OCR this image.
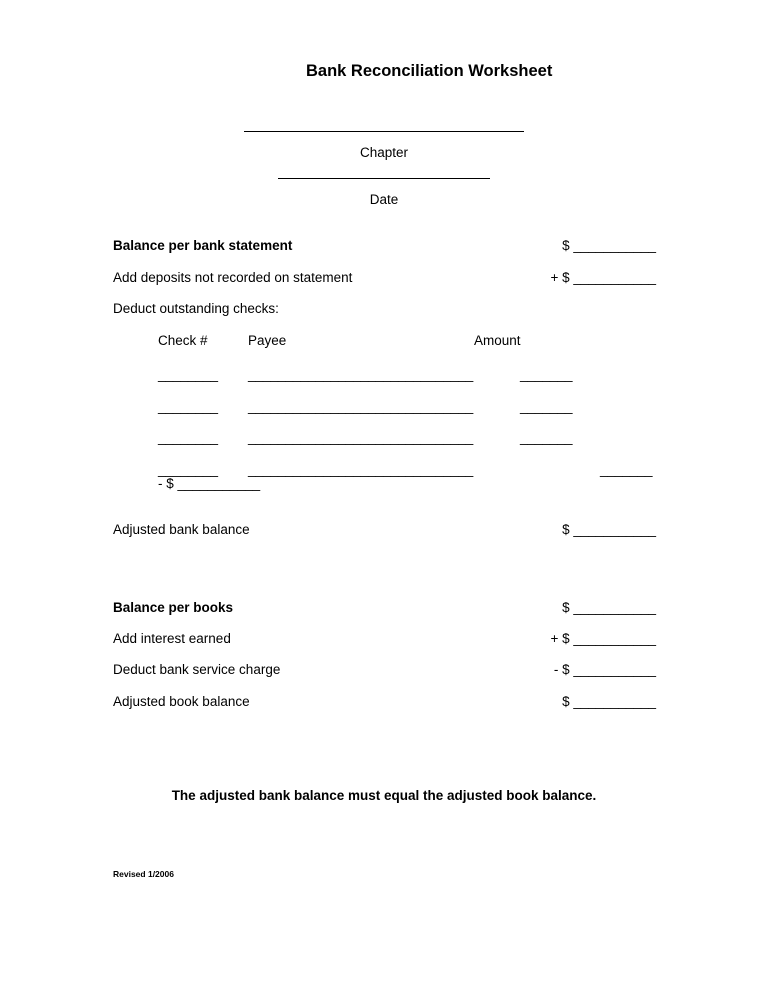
Bank Reconciliation Worksheet
Chapter
Date
Balance per bank statement	$ ___________
Add deposits not recorded on statement	+ $ ___________
Deduct outstanding checks:
Check #	Payee	Amount
________ ______________________________	_______
________ ______________________________	_______
________ ______________________________	_______
________ ______________________________	_______
- $ ___________
Adjusted bank balance	$ ___________
Balance per books	$ ___________
Add interest earned	+ $ ___________
Deduct bank service charge	- $ ___________
Adjusted book balance	$ ___________
The adjusted bank balance must equal the adjusted book balance.
Revised 1/2006
